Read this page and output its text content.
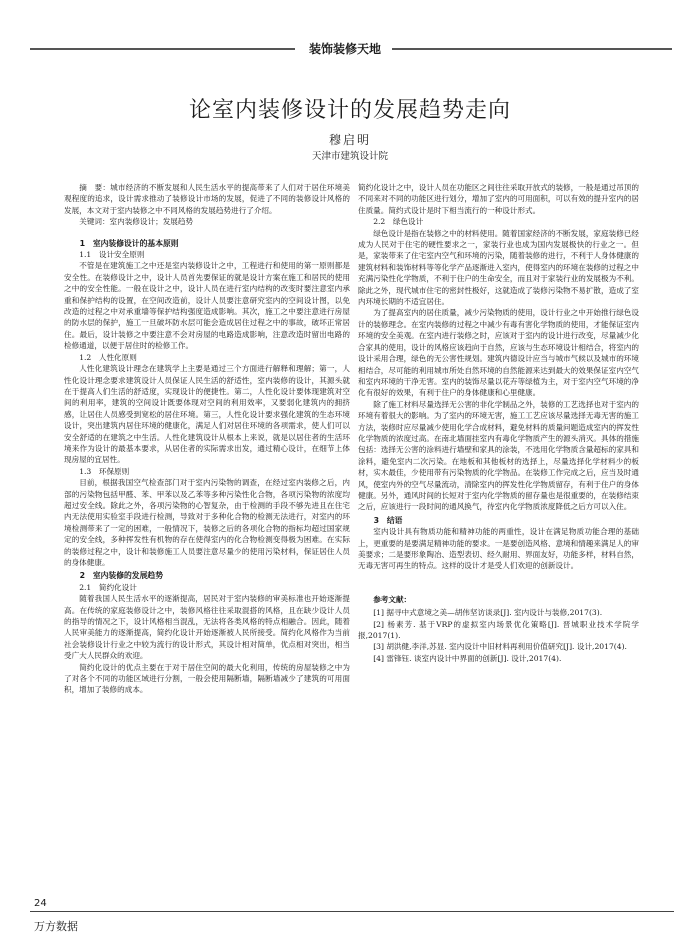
装饰装修天地
论室内装修设计的发展趋势走向
穆启明
天津市建筑设计院

摘　要：城市经济的不断发展和人民生活水平的提高带来了人们对于居住环境美观程度的追求，设计需求推动了装修设计市场的发展，促进了不同的装修设计风格的发展，本文对于室内装修之中不同风格的发展趋势进行了介绍。

关键词：室内装修设计；发展趋势

1　室内装修设计的基本原则
1.1　设计安全原则

不管是在建筑施工之中还是室内装修设计之中，工程进行和使用的第一原则都是安全性。在装修设计之中，设计人员首先要保证的就是设计方案在施工和居民的使用之中的安全性能。一般在设计之中，设计人员在进行室内结构的改变时要注意室内承重和保护结构的设置，在空间改造前，设计人员要注意研究室内的空间设计图，以免改造的过程之中对承重墙等保护结构强度造成影响。其次，施工之中要注意进行房屋的防水层的保护，施工一旦破坏防水层可能会造成居住过程之中的事故，破坏正常居住。最后，设计装修之中要注意不会对房屋的电路造成影响，注意改造时留出电路的检修通道，以便于居住时的检修工作。

1.2　人性化原则

人性化建筑设计理念在建筑学上主要是通过三个方面进行解释和理解；第一，人性化设计理念要求建筑设计人员保证人民生活的舒适性，室内装修的设计，其源头就在于提高人们生活的舒适度，实现设计的便捷性。第二，人性化设计要体现建筑对空间的利用率，建筑的空间设计既要体现对空间的利用效率，又要弱化建筑内的拥挤感，让居住人员感受到宽松的居住环境。第三，人性化设计要求强化建筑的生态环境设计，突出建筑内居住环境的健康化，满足人们对居住环境的各项需求，使人们可以安全舒适的在建筑之中生活。人性化建筑设计从根本上来说，就是以居住者的生活环境来作为设计的最基本要求，从居住者的实际需求出发，通过精心设计，在细节上体现房屋的宜居性。

1.3　环保原则

目前，根据我国空气检查部门对于室内污染物的调查，在经过室内装修之后，内部的污染物包括甲醛、苯、甲苯以及乙苯等多种污染性化合物，各项污染物的浓度均超过安全线。除此之外，各项污染物的心智复杂，由于检测的手段不够先进且在住宅内无法使用实验室手段进行检测，导致对于多种化合物的检测无法进行，对室内的环境检测带来了一定的困难，一般情况下，装修之后的各项化合物的指标均超过国家规定的安全线，多种挥发性有机物的存在使得室内的化合物检测变得极为困难。在实际的装修过程之中，设计和装修施工人员要注意尽量少的使用污染材料，保证居住人员的身体健康。

2　室内装修的发展趋势
2.1　简约化设计

随着我国人民生活水平的逐渐提高，居民对于室内装修的审美标准也开始逐渐提高。在传统的家庭装修设计之中，装修风格往往采取混搭的风格，且在缺少设计人员的指导的情况之下，设计风格相当混乱，无法将各类风格的特点相融合。因此，随着人民审美能力的逐渐提高，简约化设计开始逐渐被人民所接受。简约化风格作为当前社会装修设计行业之中较为流行的设计形式，其设计相对简单，优点相对突出，相当受广大人民群众的欢迎。

简约化设计的优点主要在于对于居住空间的最大化利用，传统的房屋装修之中为了对各个不同的功能区域进行分割，一般会使用隔断墙，隔断墙减少了建筑的可用面积，增加了装修的成本。

简约化设计之中，设计人员在功能区之间往往采取开放式的装修，一般是通过吊顶的不同来对不同的功能区进行划分，增加了室内的可用面积，可以有效的提升室内的居住质量。简约式设计是时下相当流行的一种设计形式。

2.2　绿色设计

绿色设计是指在装修之中的材料使用。随着国家经济的不断发展，家庭装修已经成为人民对于住宅的硬性要求之一，家装行业也成为国内发展极快的行业之一。但是，家装带来了住宅室内空气和环境的污染，随着装修的进行，不利于人身体健康的建筑材料和装饰材料等等化学产品逐渐进入室内，使得室内的环境在装修的过程之中充满污染性化学物质，不利于住户的生命安全，而且对于家装行业的发展极为不利。除此之外，现代城市住宅的密封性极好，这就造成了装修污染物不易扩散，造成了室内环境长期的不适宜居住。

为了提高室内的居住质量，减少污染物质的使用，设计行业之中开始推行绿色设计的装修理念。在室内装修的过程之中减少有毒有害化学物质的使用，才能保证室内环境的安全美观。在室内进行装修之时，应该对于室内的设计进行改变，尽量减少化合家具的使用，设计的风格应该趋向于自然，应该与生态环境设计相结合，将室内的设计采用合理，绿色的无公害性规划。建筑内德设计应当与城市气候以及城市的环境相结合，尽可能的利用城市所处自然环境的自然能源来达到最大的效果保证室内空气和室内环境的干净无害。室内的装饰尽量以花卉等绿植为主，对于室内空气环境的净化有很好的效果，有利于住户的身体健康和心里健康。

除了施工材料尽量选择无公害的非化学制品之外，装修的工艺选择也对于室内的环境有着很大的影响。为了室内的环境无害，施工工艺应该尽量选择无毒无害的施工方法，装修时应尽量减少使用化学合成材料，避免材料的质量问题造成室内的挥发性化学物质的浓度过高。在南北墙面挂室内有毒化学物质产生的源头消灭。具体的措施包括：选择无公害的涂料进行墙壁和家具的涂装，不选用化学物质含量超标的家具和涂料，避免室内二次污染。在地板和其他板材的选择上，尽量选择化学材料少的板材，实木最佳，少使用带有污染物质的化学物品。在装修工作完成之后，应当及时通风，使室内外的空气尽量流动，清除室内的挥发性化学物质留存，有利于住户的身体健康。另外，通风时间的长短对于室内化学物质的留存量也是很重要的，在装修结束之后，应该进行一段时间的通风换气，待室内化学物质浓度降低之后方可以入住。

3　结语

室内设计具有物质功能和精神功能的两重性，设计在满足物质功能合理的基础上，更重要的是要满足精神功能的要求。一是要创造风格、意境和情趣来满足人的审美要求；二是要形象陶冶、造型表切、经久耐用、界面友好，功能多样，材料自然，无毒无害可再生的特点。这样的设计才是受人们欢迎的创新设计。

参考文献：

[1] 据寻中式意境之美—胡伟坚访谈录[J]. 室内设计与装修,2017(3).

[2] 杨素芳. 基于VRP的虚拟室内场景优化策略[J]. 晋城职业技术学院学报,2017(1).

[3] 胡洪健,李洋,苏显. 室内设计中旧材料再利用价值研究[J]. 设计,2017(4).

[4] 雷锋钰. 谈室内设计中界面的创新[J]. 设计,2017(4).

24
万方数据
